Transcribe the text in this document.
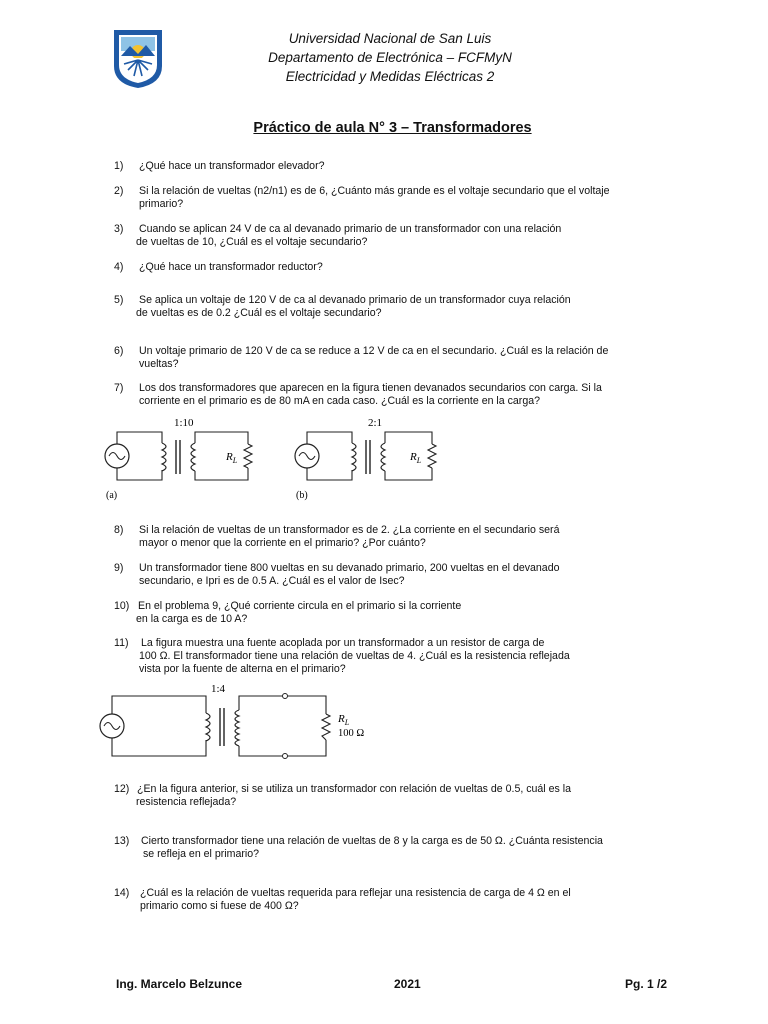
Universidad Nacional de San Luis
Departamento de Electrónica – FCFMyN
Electricidad y Medidas Eléctricas 2
Práctico de aula N° 3 – Transformadores
1) ¿Qué hace un transformador elevador?
2) Si la relación de vueltas (n2/n1) es de 6, ¿Cuánto más grande es el voltaje secundario que el voltaje
primario?
3) Cuando se aplican 24 V de ca al devanado primario de un transformador con una relación
de vueltas de 10, ¿Cuál es el voltaje secundario?
4) ¿Qué hace un transformador reductor?
5) Se aplica un voltaje de 120 V de ca al devanado primario de un transformador cuya relación
de vueltas es de 0.2 ¿Cuál es el voltaje secundario?
6) Un voltaje primario de 120 V de ca se reduce a 12 V de ca en el secundario. ¿Cuál es la relación de
vueltas?
7) Los dos transformadores que aparecen en la figura tienen devanados secundarios con carga. Si la
corriente en el primario es de 80 mA en cada caso. ¿Cuál es la corriente en la carga?
1:10
$R_L$
(a)
2:1
$R_L$
(b)
8) Si la relación de vueltas de un transformador es de 2. ¿La corriente en el secundario será
mayor o menor que la corriente en el primario? ¿Por cuánto?
9) Un transformador tiene 800 vueltas en su devanado primario, 200 vueltas en el devanado
secundario, e Ipri es de 0.5 A. ¿Cuál es el valor de Isec?
10) En el problema 9, ¿Qué corriente circula en el primario si la corriente
en la carga es de 10 A?
11) La figura muestra una fuente acoplada por un transformador a un resistor de carga de
100 Ω. El transformador tiene una relación de vueltas de 4. ¿Cuál es la resistencia reflejada
vista por la fuente de alterna en el primario?
1:4
$R_L$
100 Ω
12) ¿En la figura anterior, si se utiliza un transformador con relación de vueltas de 0.5, cuál es la
resistencia reflejada?
13) Cierto transformador tiene una relación de vueltas de 8 y la carga es de 50 Ω. ¿Cuánta resistencia
se refleja en el primario?
14) ¿Cuál es la relación de vueltas requerida para reflejar una resistencia de carga de 4 Ω en el
primario como si fuese de 400 Ω?
Ing. Marcelo Belzunce	2021	Pg. 1 /2
